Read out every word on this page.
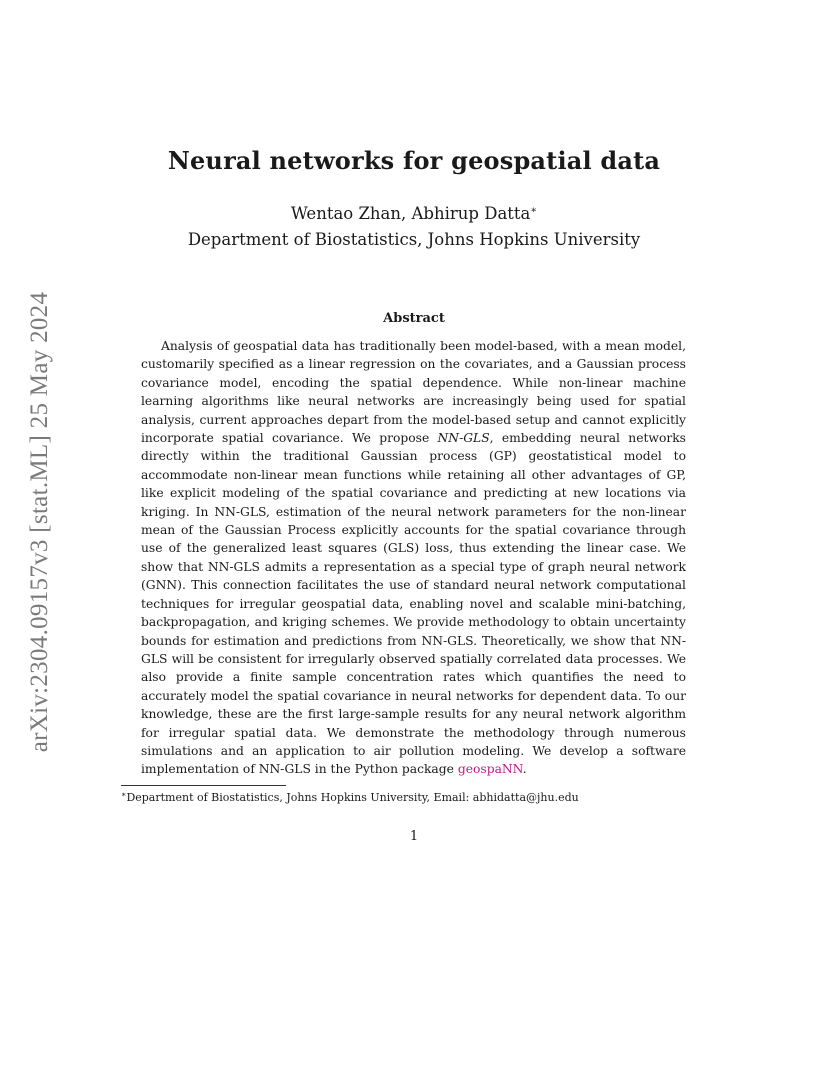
arXiv:2304.09157v3 [stat.ML] 25 May 2024
Neural networks for geospatial data
Wentao Zhan, Abhirup Datta∗
Department of Biostatistics, Johns Hopkins University
Abstract

Analysis of geospatial data has traditionally been model-based, with a mean model, customarily specified as a linear regression on the covariates, and a Gaussian process covariance model, encoding the spatial dependence. While non-linear machine learning algorithms like neural networks are increasingly being used for spatial analysis, current approaches depart from the model-based setup and cannot explicitly incorporate spatial covariance. We propose NN-GLS, embedding neural networks directly within the traditional Gaussian process (GP) geostatistical model to accommodate non-linear mean functions while retaining all other advantages of GP, like explicit modeling of the spatial covariance and predicting at new locations via kriging. In NN-GLS, estimation of the neural network parameters for the non-linear mean of the Gaussian Process explicitly accounts for the spatial covariance through use of the generalized least squares (GLS) loss, thus extending the linear case. We show that NN-GLS admits a representation as a special type of graph neural network (GNN). This connection facilitates the use of standard neural network computational techniques for irregular geospatial data, enabling novel and scalable mini-batching, backpropagation, and kriging schemes. We provide methodology to obtain uncertainty bounds for estimation and predictions from NN-GLS. Theoretically, we show that NN-GLS will be consistent for irregularly observed spatially correlated data processes. We also provide a finite sample concentration rates which quantifies the need to accurately model the spatial covariance in neural networks for dependent data. To our knowledge, these are the first large-sample results for any neural network algorithm for irregular spatial data. We demonstrate the methodology through numerous simulations and an application to air pollution modeling. We develop a software implementation of NN-GLS in the Python package geospaNN.

∗Department of Biostatistics, Johns Hopkins University, Email: abhidatta@jhu.edu
1
